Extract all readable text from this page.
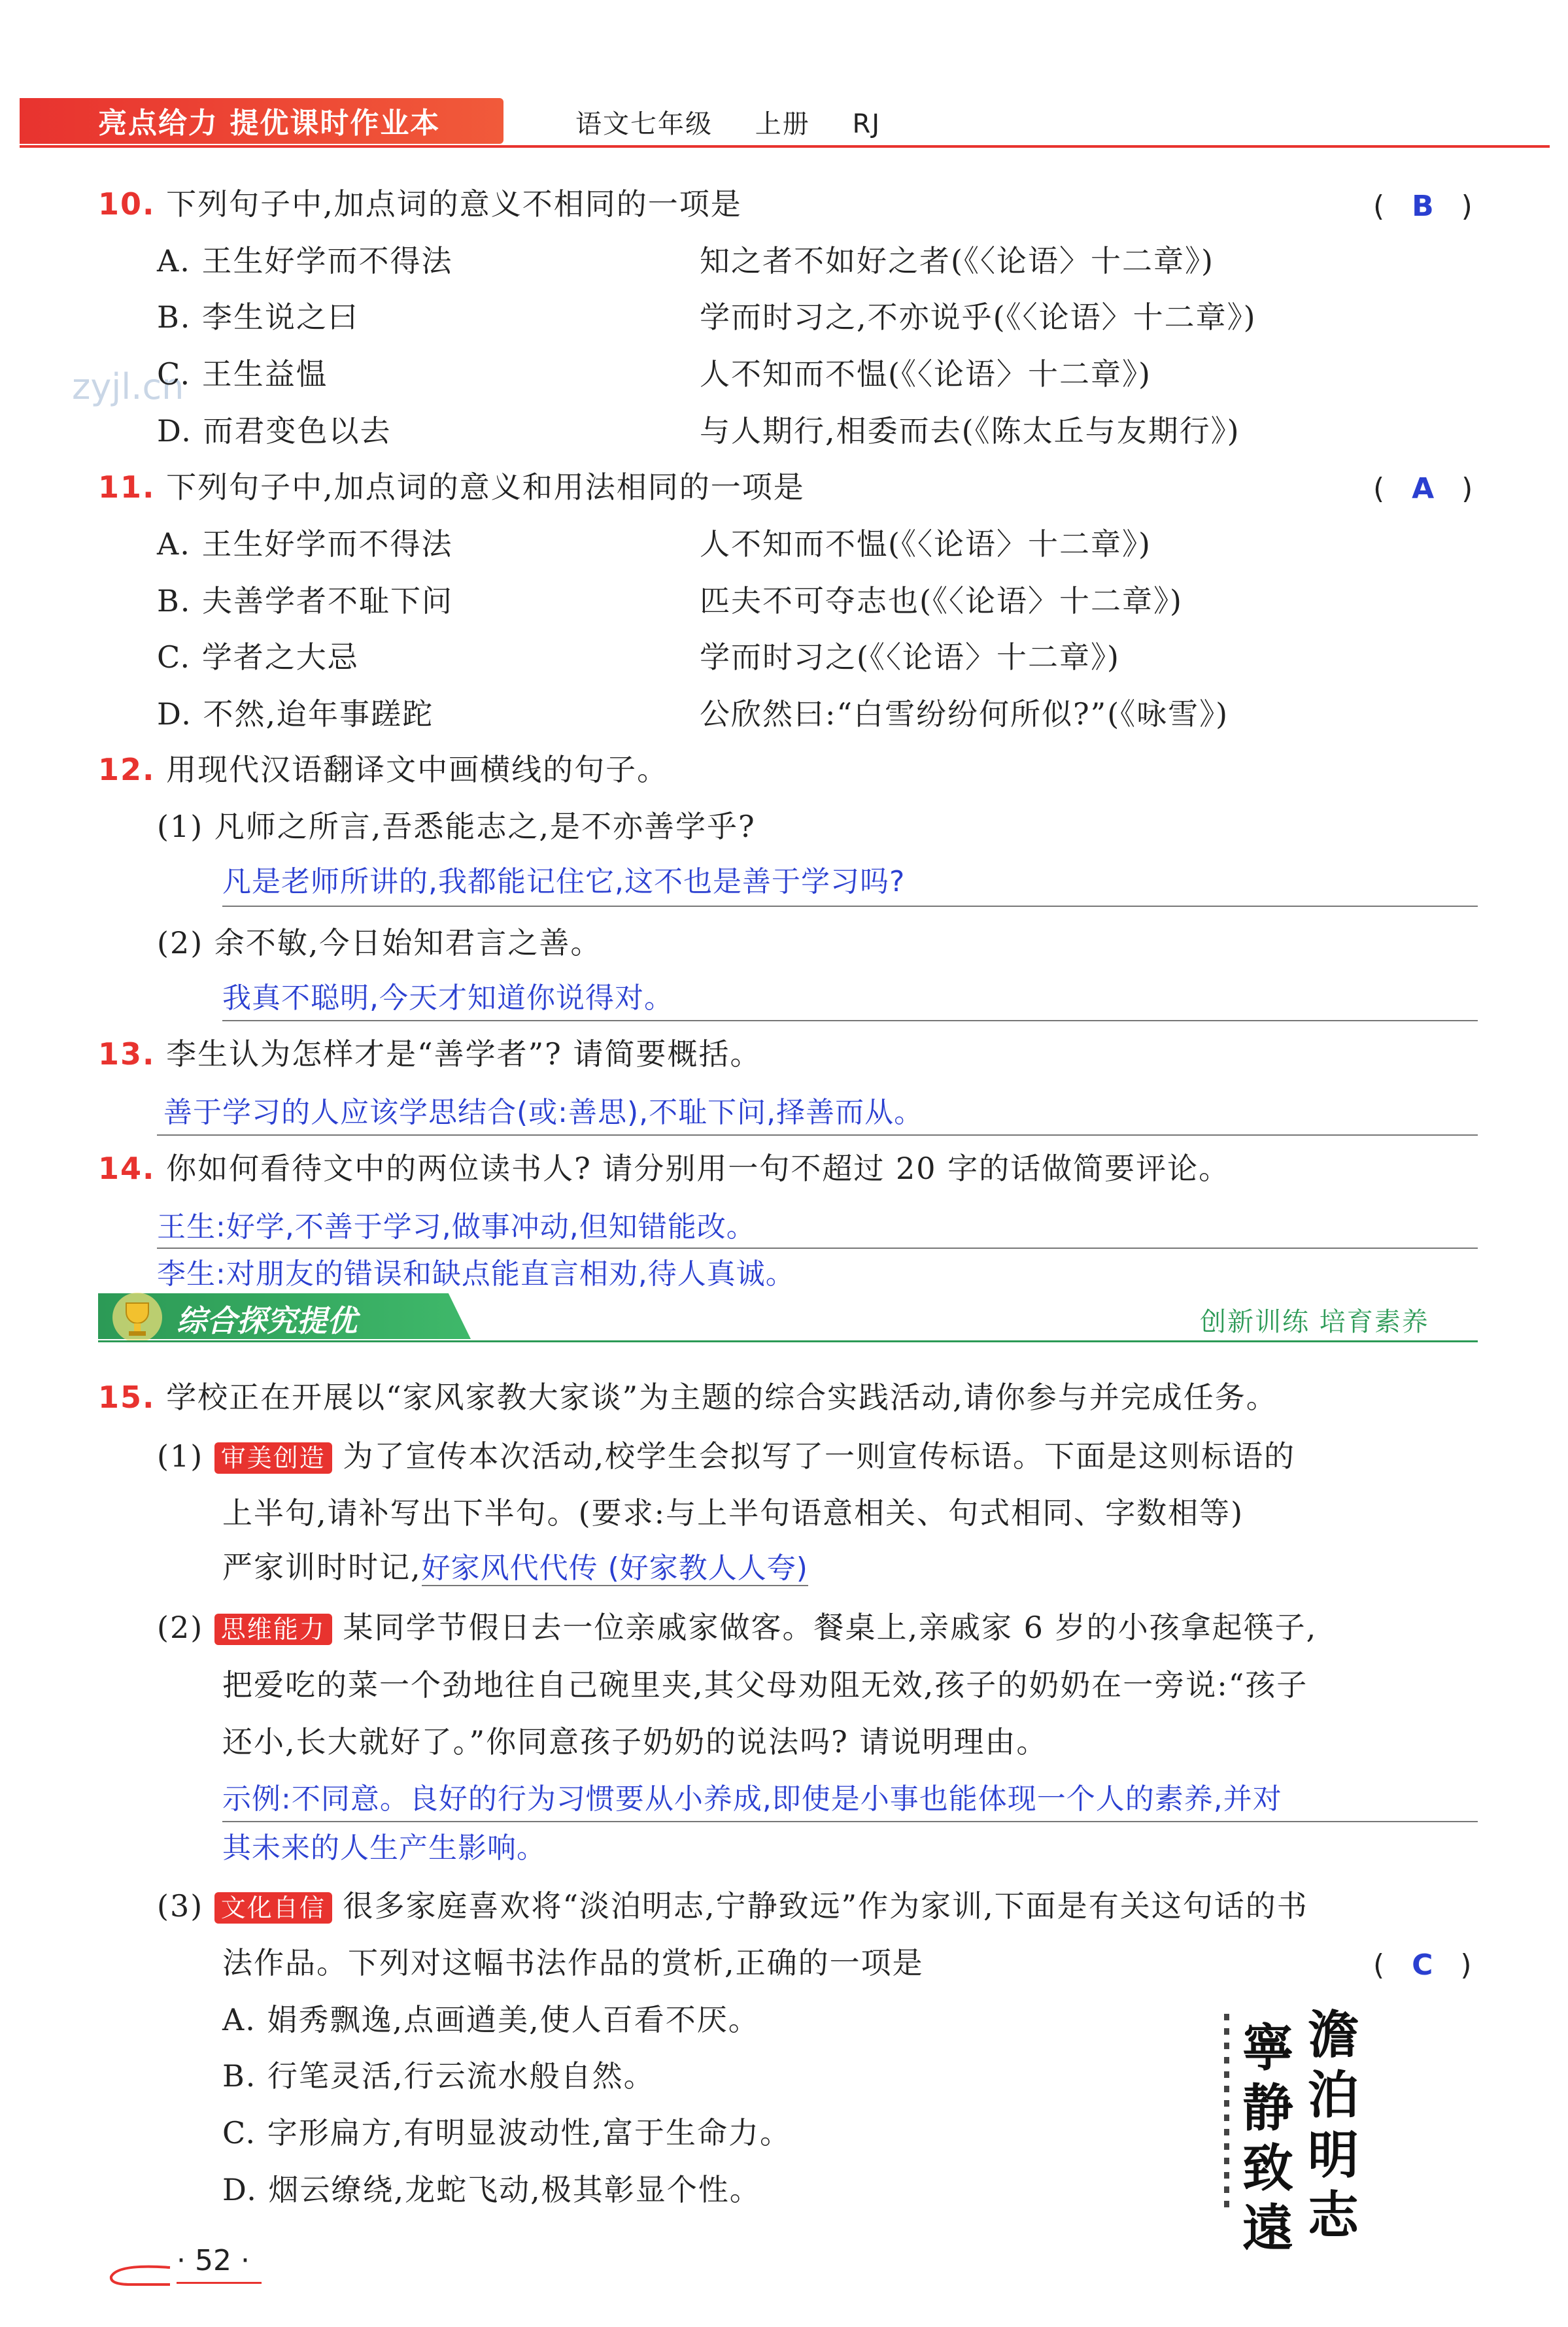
亮点给力 提优课时作业本	语文七年级 上册 RJ
zyjl.cn
10. 下列句子中,加点词的意义不相同的一项是	(   B   )
A. 王生好学而不得法	知之者不如好之者(《〈论语〉十二章》)
B. 李生说之曰	学而时习之,不亦说乎(《〈论语〉十二章》)
C. 王生益愠	人不知而不愠(《〈论语〉十二章》)
D. 而君变色以去	与人期行,相委而去(《陈太丘与友期行》)
11. 下列句子中,加点词的意义和用法相同的一项是	(   A   )
A. 王生好学而不得法	人不知而不愠(《〈论语〉十二章》)
B. 夫善学者不耻下问	匹夫不可夺志也(《〈论语〉十二章》)
C. 学者之大忌	学而时习之(《〈论语〉十二章》)
D. 不然,迨年事蹉跎	公欣然曰:“白雪纷纷何所似?”(《咏雪》)
12. 用现代汉语翻译文中画横线的句子。
(1) 凡师之所言,吾悉能志之,是不亦善学乎?
凡是老师所讲的,我都能记住它,这不也是善于学习吗?
(2) 余不敏,今日始知君言之善。
我真不聪明,今天才知道你说得对。
13. 李生认为怎样才是“善学者”? 请简要概括。
善于学习的人应该学思结合(或:善思),不耻下问,择善而从。
14. 你如何看待文中的两位读书人? 请分别用一句不超过 20 字的话做简要评论。
王生:好学,不善于学习,做事冲动,但知错能改。
李生:对朋友的错误和缺点能直言相劝,待人真诚。
综合探究提优	创新训练 培育素养
15. 学校正在开展以“家风家教大家谈”为主题的综合实践活动,请你参与并完成任务。
(1) 审美创造 为了宣传本次活动,校学生会拟写了一则宣传标语。下面是这则标语的
上半句,请补写出下半句。(要求:与上半句语意相关、句式相同、字数相等)
严家训时时记,好家风代代传 (好家教人人夸)
(2) 思维能力 某同学节假日去一位亲戚家做客。餐桌上,亲戚家 6 岁的小孩拿起筷子,
把爱吃的菜一个劲地往自己碗里夹,其父母劝阻无效,孩子的奶奶在一旁说:“孩子
还小,长大就好了。”你同意孩子奶奶的说法吗? 请说明理由。
示例:不同意。良好的行为习惯要从小养成,即使是小事也能体现一个人的素养,并对
其未来的人生产生影响。
(3) 文化自信 很多家庭喜欢将“淡泊明志,宁静致远”作为家训,下面是有关这句话的书
法作品。下列对这幅书法作品的赏析,正确的一项是	(   C   )
A. 娟秀飘逸,点画遒美,使人百看不厌。
B. 行笔灵活,行云流水般自然。
C. 字形扁方,有明显波动性,富于生命力。
D. 烟云缭绕,龙蛇飞动,极其彰显个性。
澹
泊
明
志
寧
静
致
遠
· 52 ·
